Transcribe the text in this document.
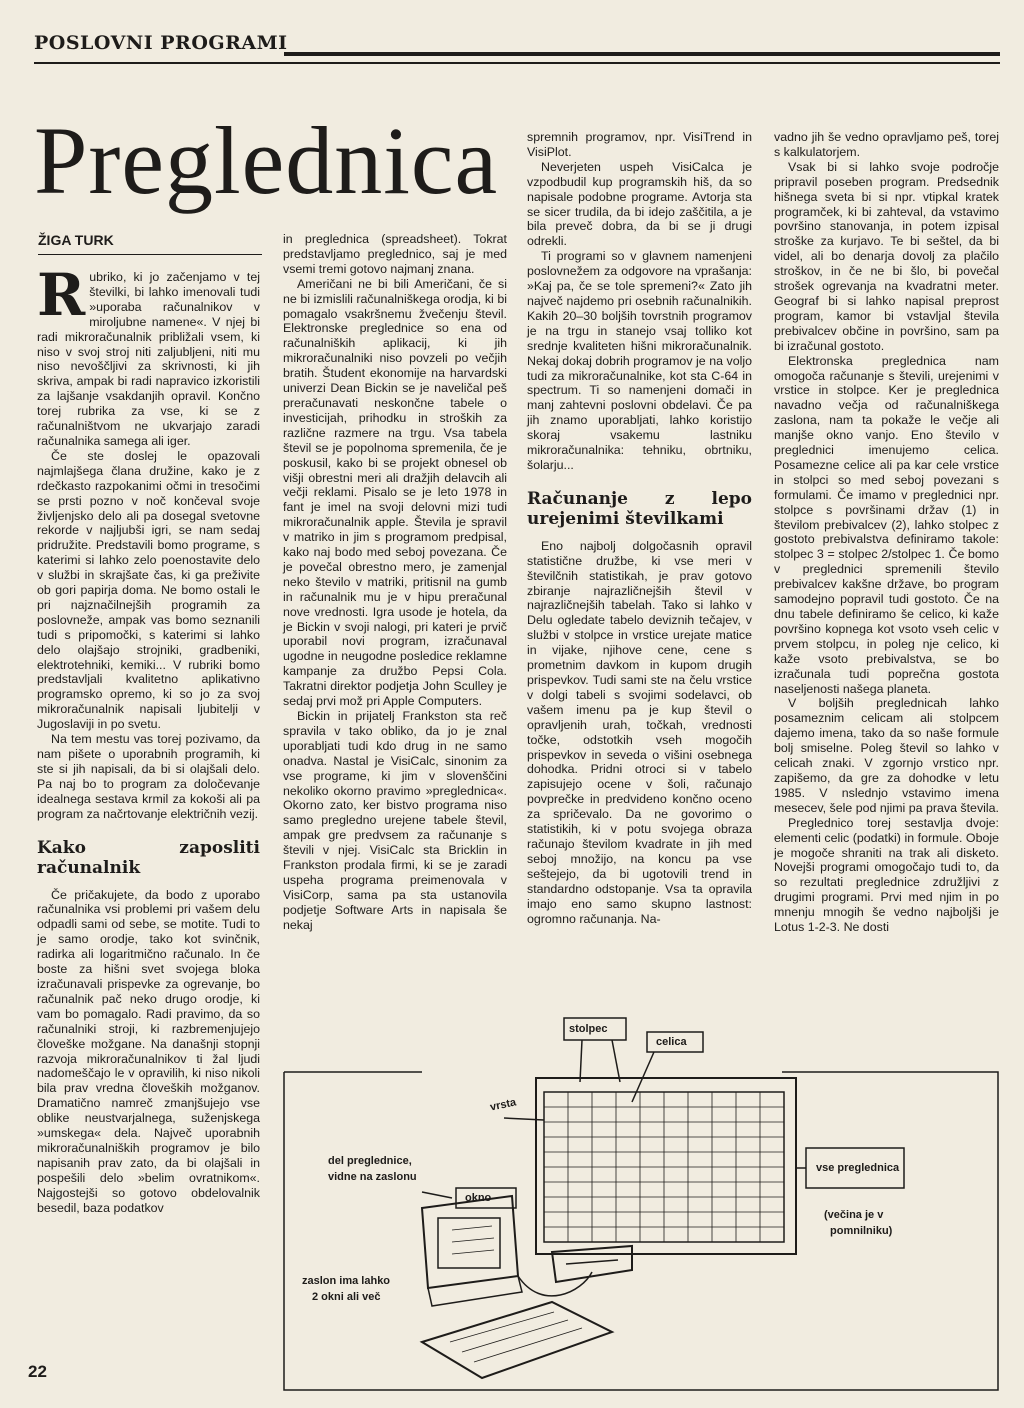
POSLOVNI PROGRAMI
Preglednica
ŽIGA TURK

Rubriko, ki jo začenjamo v tej številki, bi lahko imenovali tudi »uporaba računalnikov v miroljubne namene«. V njej bi radi mikroračunalnik približali vsem, ki niso v svoj stroj niti zaljubljeni, niti mu niso nevoščljivi za skrivnosti, ki jih skriva, ampak bi radi napravico izkoristili za lajšanje vsakdanjih opravil. Končno torej rubrika za vse, ki se z računalništvom ne ukvarjajo zaradi računalnika samega ali iger.

Če ste doslej le opazovali najmlajšega člana družine, kako je z rdečkasto razpokanimi očmi in tresočimi se prsti pozno v noč končeval svoje življenjsko delo ali pa dosegal svetovne rekorde v najljubši igri, se nam sedaj pridružite. Predstavili bomo programe, s katerimi si lahko zelo poenostavite delo v službi in skrajšate čas, ki ga preživite ob gori papirja doma. Ne bomo ostali le pri najznačilnejših programih za poslovneže, ampak vas bomo seznanili tudi s pripomočki, s katerimi si lahko delo olajšajo strojniki, gradbeniki, elektrotehniki, kemiki... V rubriki bomo predstavljali kvalitetno aplikativno programsko opremo, ki so jo za svoj mikroračunalnik napisali ljubitelji v Jugoslaviji in po svetu.

Na tem mestu vas torej pozivamo, da nam pišete o uporabnih programih, ki ste si jih napisali, da bi si olajšali delo. Pa naj bo to program za določevanje idealnega sestava krmil za kokoši ali pa program za načrtovanje električnih vezij.

Kako zaposliti računalnik

Če pričakujete, da bodo z uporabo računalnika vsi problemi pri vašem delu odpadli sami od sebe, se motite. Tudi to je samo orodje, tako kot svinčnik, radirka ali logaritmično računalo. In če boste za hišni svet svojega bloka izračunavali prispevke za ogrevanje, bo računalnik pač neko drugo orodje, ki vam bo pomagalo. Radi pravimo, da so računalniki stroji, ki razbremenjujejo človeške možgane. Na današnji stopnji razvoja mikroračunalnikov ti žal ljudi nadomeščajo le v opravilih, ki niso nikoli bila prav vredna človeških možganov. Dramatično namreč zmanjšujejo vse oblike neustvarjalnega, suženjskega »umskega« dela. Največ uporabnih mikroračunalniških programov je bilo napisanih prav zato, da bi olajšali in pospešili delo »belim ovratnikom«. Najgostejši so gotovo obdelovalnik besedil, baza podatkov

in preglednica (spreadsheet). Tokrat predstavljamo preglednico, saj je med vsemi tremi gotovo najmanj znana.

Američani ne bi bili Američani, če si ne bi izmislili računalniškega orodja, ki bi pomagalo vsakršnemu žvečenju števil. Elektronske preglednice so ena od računalniških aplikacij, ki jih mikroračunalniki niso povzeli po večjih bratih. Študent ekonomije na harvardski univerzi Dean Bickin se je naveličal peš preračunavati neskončne tabele o investicijah, prihodku in stroških za različne razmere na trgu. Vsa tabela števil se je popolnoma spremenila, če je poskusil, kako bi se projekt obnesel ob višji obrestni meri ali dražjih delavcih ali večji reklami. Pisalo se je leto 1978 in fant je imel na svoji delovni mizi tudi mikroračunalnik apple. Števila je spravil v matriko in jim s programom predpisal, kako naj bodo med seboj povezana. Če je povečal obrestno mero, je zamenjal neko število v matriki, pritisnil na gumb in računalnik mu je v hipu preračunal nove vrednosti. Igra usode je hotela, da je Bickin v svoji nalogi, pri kateri je prvič uporabil novi program, izračunaval ugodne in neugodne posledice reklamne kampanje za družbo Pepsi Cola. Takratni direktor podjetja John Sculley je sedaj prvi mož pri Apple Computers.

Bickin in prijatelj Frankston sta reč spravila v tako obliko, da jo je znal uporabljati tudi kdo drug in ne samo onadva. Nastal je VisiCalc, sinonim za vse programe, ki jim v slovenščini nekoliko okorno pravimo »preglednica«. Okorno zato, ker bistvo programa niso samo pregledno urejene tabele števil, ampak gre predvsem za računanje s števili v njej. VisiCalc sta Bricklin in Frankston prodala firmi, ki se je zaradi uspeha programa preimenovala v VisiCorp, sama pa sta ustanovila podjetje Software Arts in napisala še nekaj

spremnih programov, npr. VisiTrend in VisiPlot.

Neverjeten uspeh VisiCalca je vzpodbudil kup programskih hiš, da so napisale podobne programe. Avtorja sta se sicer trudila, da bi idejo zaščitila, a je bila preveč dobra, da bi se ji drugi odrekli.

Ti programi so v glavnem namenjeni poslovnežem za odgovore na vprašanja: »Kaj pa, če se tole spremeni?« Zato jih največ najdemo pri osebnih računalnikih. Kakih 20–30 boljših tovrstnih programov je na trgu in stanejo vsaj tolliko kot srednje kvaliteten hišni mikroračunalnik. Nekaj dokaj dobrih programov je na voljo tudi za mikroračunalnike, kot sta C-64 in spectrum. Ti so namenjeni domači in manj zahtevni poslovni obdelavi. Če pa jih znamo uporabljati, lahko koristijo skoraj vsakemu lastniku mikroračunalnika: tehniku, obrtniku, šolarju...

Računanje z lepo urejenimi številkami

Eno najbolj dolgočasnih opravil statistične družbe, ki vse meri v številčnih statistikah, je prav gotovo zbiranje najrazličnejših števil v najrazličnejših tabelah. Tako si lahko v Delu ogledate tabelo deviznih tečajev, v službi v stolpce in vrstice urejate matice in vijake, njihove cene, cene s prometnim davkom in kupom drugih prispevkov. Tudi sami ste na čelu vrstice v dolgi tabeli s svojimi sodelavci, ob vašem imenu pa je kup števil o opravljenih urah, točkah, vrednosti točke, odstotkih vseh mogočih prispevkov in seveda o višini osebnega dohodka. Pridni otroci si v tabelo zapisujejo ocene v šoli, računajo povprečke in predvideno končno oceno za spričevalo. Da ne govorimo o statistikih, ki v potu svojega obraza računajo številom kvadrate in jih med seboj množijo, na koncu pa vse seštejejo, da bi ugotovili trend in standardno odstopanje. Vsa ta opravila imajo eno samo skupno lastnost: ogromno računanja. Na-

vadno jih še vedno opravljamo peš, torej s kalkulatorjem.

Vsak bi si lahko svoje področje pripravil poseben program. Predsednik hišnega sveta bi si npr. vtipkal kratek programček, ki bi zahteval, da vstavimo površino stanovanja, in potem izpisal stroške za kurjavo. Te bi seštel, da bi videl, ali bo denarja dovolj za plačilo stroškov, in če ne bi šlo, bi povečal strošek ogrevanja na kvadratni meter. Geograf bi si lahko napisal preprost program, kamor bi vstavljal števila prebivalcev občine in površino, sam pa bi izračunal gostoto.

Elektronska preglednica nam omogoča računanje s števili, urejenimi v vrstice in stolpce. Ker je preglednica navadno večja od računalniškega zaslona, nam ta pokaže le večje ali manjše okno vanjo. Eno število v preglednici imenujemo celica. Posamezne celice ali pa kar cele vrstice in stolpci so med seboj povezani s formulami. Če imamo v preglednici npr. stolpce s površinami držav (1) in številom prebivalcev (2), lahko stolpec z gostoto prebivalstva definiramo takole: stolpec 3 = stolpec 2/stolpec 1. Če bomo v preglednici spremenili število prebivalcev kakšne države, bo program samodejno popravil tudi gostoto. Če na dnu tabele definiramo še celico, ki kaže površino kopnega kot vsoto vseh celic v prvem stolpcu, in poleg nje celico, ki kaže vsoto prebivalstva, se bo izračunala tudi poprečna gostota naseljenosti našega planeta.

V boljših preglednicah lahko posameznim celicam ali stolpcem dajemo imena, tako da so naše formule bolj smiselne. Poleg števil so lahko v celicah znaki. V zgornjo vrstico npr. zapišemo, da gre za dohodke v letu 1985. V nslednjo vstavimo imena mesecev, šele pod njimi pa prava števila.

Preglednico torej sestavlja dvoje: elementi celic (podatki) in formule. Oboje je mogoče shraniti na trak ali disketo. Novejši programi omogočajo tudi to, da so rezultati preglednice združljivi z drugimi programi. Prvi med njim in po mnenju mnogih še vedno najboljši je Lotus 1-2-3. Ne dosti

stolpec
celica
vrsta
del preglednice,
vidne na zaslonu
okno
vse preglednica
(večina je v
pomnilniku)
zaslon ima lahko
2 okni ali več
22
